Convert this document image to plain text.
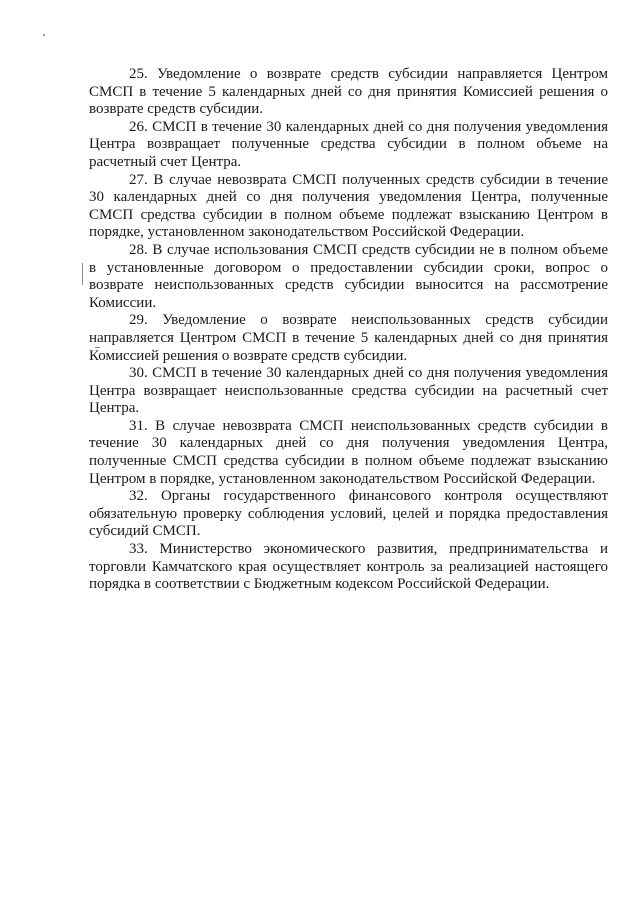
25. Уведомление о возврате средств субсидии направляется Центром СМСП в течение 5 календарных дней со дня принятия Комиссией решения о возврате средств субсидии.

26. СМСП в течение 30 календарных дней со дня получения уведомления Центра возвращает полученные средства субсидии в полном объеме на расчетный счет Центра.

27. В случае невозврата СМСП полученных средств субсидии в течение 30 календарных дней со дня получения уведомления Центра, полученные СМСП средства субсидии в полном объеме подлежат взысканию Центром в порядке, установленном законодательством Российской Федерации.

28. В случае использования СМСП средств субсидии не в полном объеме в установленные договором о предоставлении субсидии сроки, вопрос о возврате неиспользованных средств субсидии выносится на рассмотрение Комиссии.

29. Уведомление о возврате неиспользованных средств субсидии направляется Центром СМСП в течение 5 календарных дней со дня принятия Комиссией решения о возврате средств субсидии.

30. СМСП в течение 30 календарных дней со дня получения уведомления Центра возвращает неиспользованные средства субсидии на расчетный счет Центра.

31. В случае невозврата СМСП неиспользованных средств субсидии в течение 30 календарных дней со дня получения уведомления Центра, полученные СМСП средства субсидии в полном объеме подлежат взысканию Центром в порядке, установленном законодательством Российской Федерации.

32. Органы государственного финансового контроля осуществляют обязательную проверку соблюдения условий, целей и порядка предоставления субсидий СМСП.

33. Министерство экономического развития, предпринимательства и торговли Камчатского края осуществляет контроль за реализацией настоящего порядка в соответствии с Бюджетным кодексом Российской Федерации.
